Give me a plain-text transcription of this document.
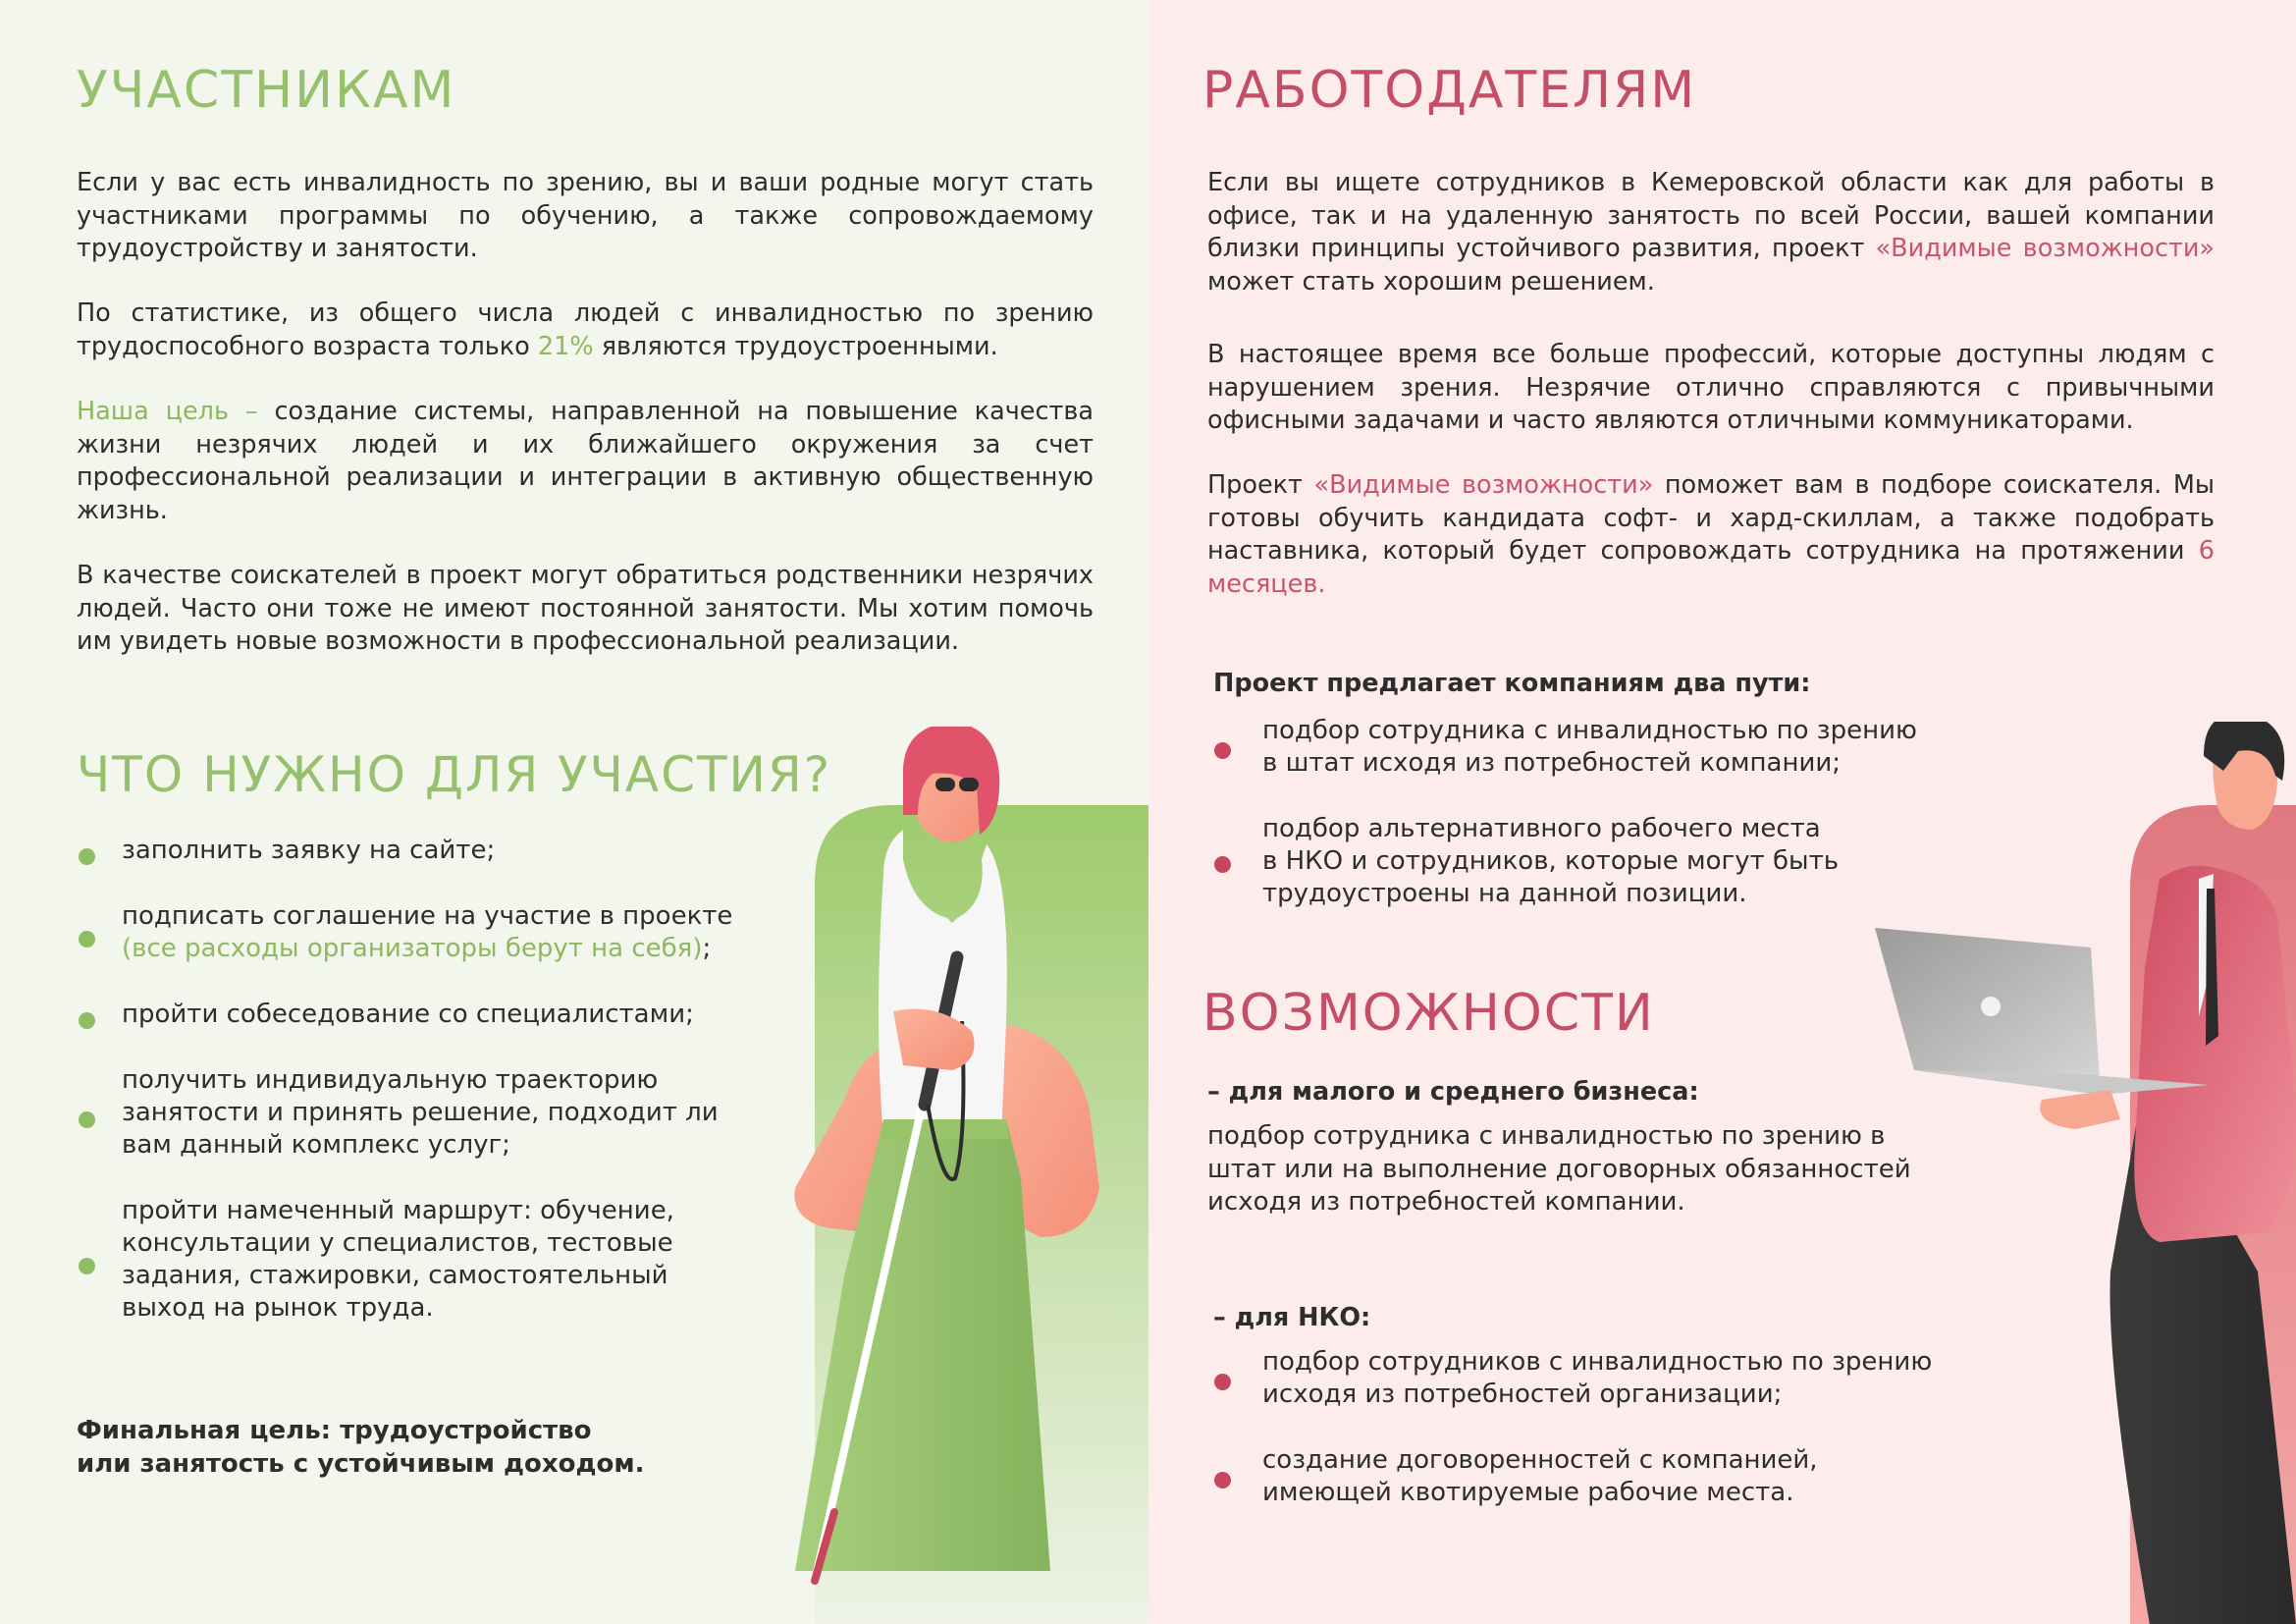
УЧАСТНИКАМ

Если у вас есть инвалидность по зрению, вы и ваши родные могут стать участниками программы по обучению, а также сопровождаемому трудоустройству и занятости.

По статистике, из общего числа людей с инвалидностью по зрению трудоспособного возраста только 21% являются трудоустроенными.

Наша цель – создание системы, направленной на повышение качества жизни незрячих людей и их ближайшего окружения за счет профессиональной реализации и интеграции в активную общественную жизнь.

В качестве соискателей в проект могут обратиться родственники незрячих людей. Часто они тоже не имеют постоянной занятости. Мы хотим помочь им увидеть новые возможности в профессиональной реализации.

ЧТО НУЖНО ДЛЯ УЧАСТИЯ?
заполнить заявку на сайте;
подписать соглашение на участие в проекте
(все расходы организаторы берут на себя);
пройти собеседование со специалистами;
получить индивидуальную траекторию
занятости и принять решение, подходит ли
вам данный комплекс услуг;
пройти намеченный маршрут: обучение,
консультации у специалистов, тестовые
задания, стажировки, самостоятельный
выход на рынок труда.
Финальная цель: трудоустройство
или занятость с устойчивым доходом.
РАБОТОДАТЕЛЯМ

Если вы ищете сотрудников в Кемеровской области как для работы в офисе, так и на удаленную занятость по всей России, вашей компании близки принципы устойчивого развития, проект «Видимые возможности» может стать хорошим решением.

В настоящее время все больше профессий, которые доступны людям с нарушением зрения. Незрячие отлично справляются с привычными офисными задачами и часто являются отличными коммуникаторами.

Проект «Видимые возможности» поможет вам в подборе соискателя. Мы готовы обучить кандидата софт- и хард-скиллам, а также подобрать наставника, который будет сопровождать сотрудника на протяжении 6 месяцев.

Проект предлагает компаниям два пути:
подбор сотрудника с инвалидностью по зрению
в штат исходя из потребностей компании;
подбор альтернативного рабочего места
в НКО и сотрудников, которые могут быть
трудоустроены на данной позиции.
ВОЗМОЖНОСТИ
– для малого и среднего бизнеса:
подбор сотрудника с инвалидностью по зрению в
штат или на выполнение договорных обязанностей
исходя из потребностей компании.
– для НКО:
подбор сотрудников с инвалидностью по зрению
исходя из потребностей организации;
создание договоренностей с компанией,
имеющей квотируемые рабочие места.
